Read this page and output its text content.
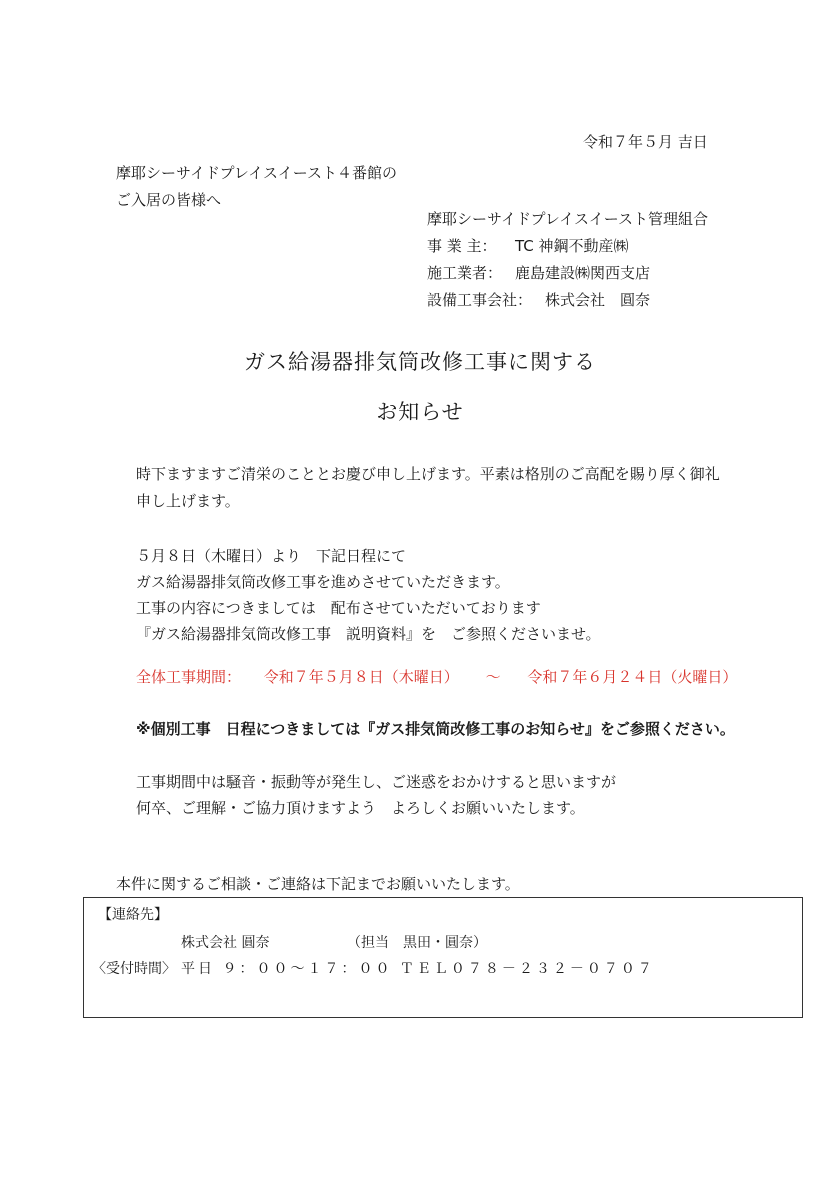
令和７年５月 吉日
摩耶シーサイドプレイスイースト４番館の
ご入居の皆様へ
摩耶シーサイドプレイスイースト管理組合
事 業 主：	TC 神鋼不動産㈱
施工業者： 鹿島建設㈱関西支店
設備工事会社： 株式会社　圓奈
ガス給湯器排気筒改修工事に関する
お知らせ
時下ますますご清栄のこととお慶び申し上げます。平素は格別のご高配を賜り厚く御礼申し上げます。
５月８日（木曜日）より　下記日程にて
ガス給湯器排気筒改修工事を進めさせていただきます。
工事の内容につきましては　配布させていただいております
『ガス給湯器排気筒改修工事　説明資料』を　ご参照くださいませ。
全体工事期間： 令和７年５月８日（木曜日） ～ 令和７年６月２４日（火曜日）
※個別工事　日程につきましては『ガス排気筒改修工事のお知らせ』をご参照ください。
工事期間中は騒音・振動等が発生し、ご迷惑をおかけすると思いますが
何卒、ご理解・ご協力頂けますよう　よろしくお願いいたします。
本件に関するご相談・ご連絡は下記までお願いいたします。
【連絡先】
株式会社 圓奈	（担当　黒田・圓奈）
〈受付時間〉 平日 ９：００～１７：００ ＴＥＬ０７８－２３２－０７０７
